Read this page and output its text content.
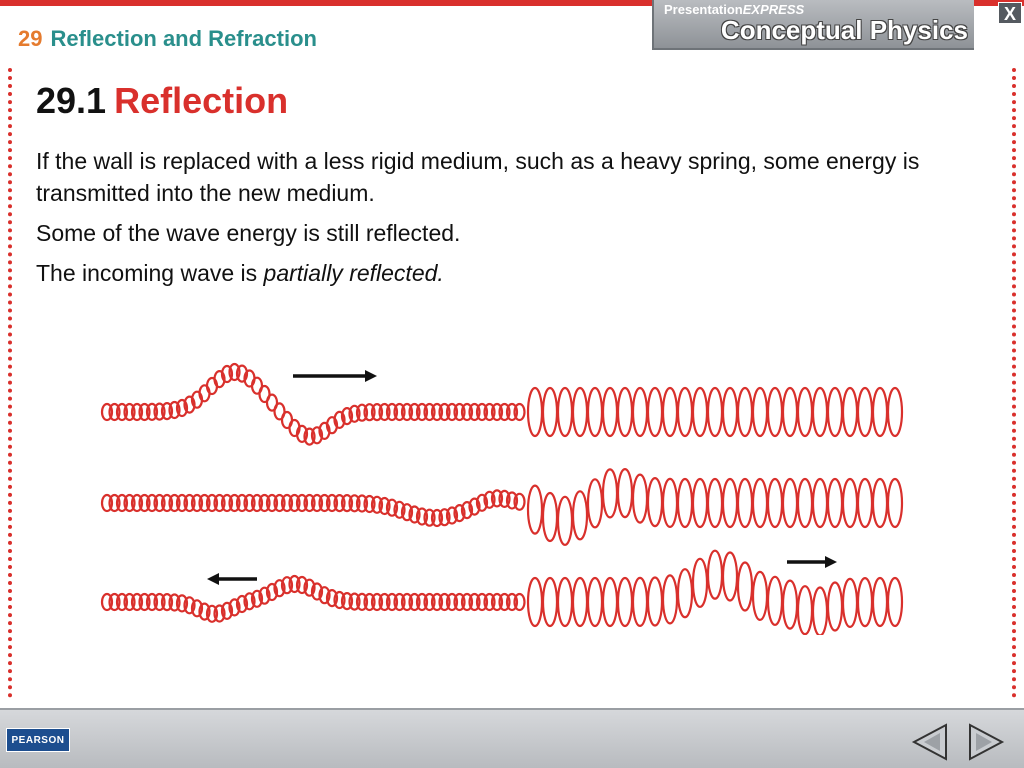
29 Reflection and Refraction
PresentationEXPRESS
Conceptual Physics
X
29.1 Reflection

If the wall is replaced with a less rigid medium, such as a heavy spring, some energy is transmitted into the new medium.

Some of the wave energy is still reflected.

The incoming wave is partially reflected.

PEARSON
